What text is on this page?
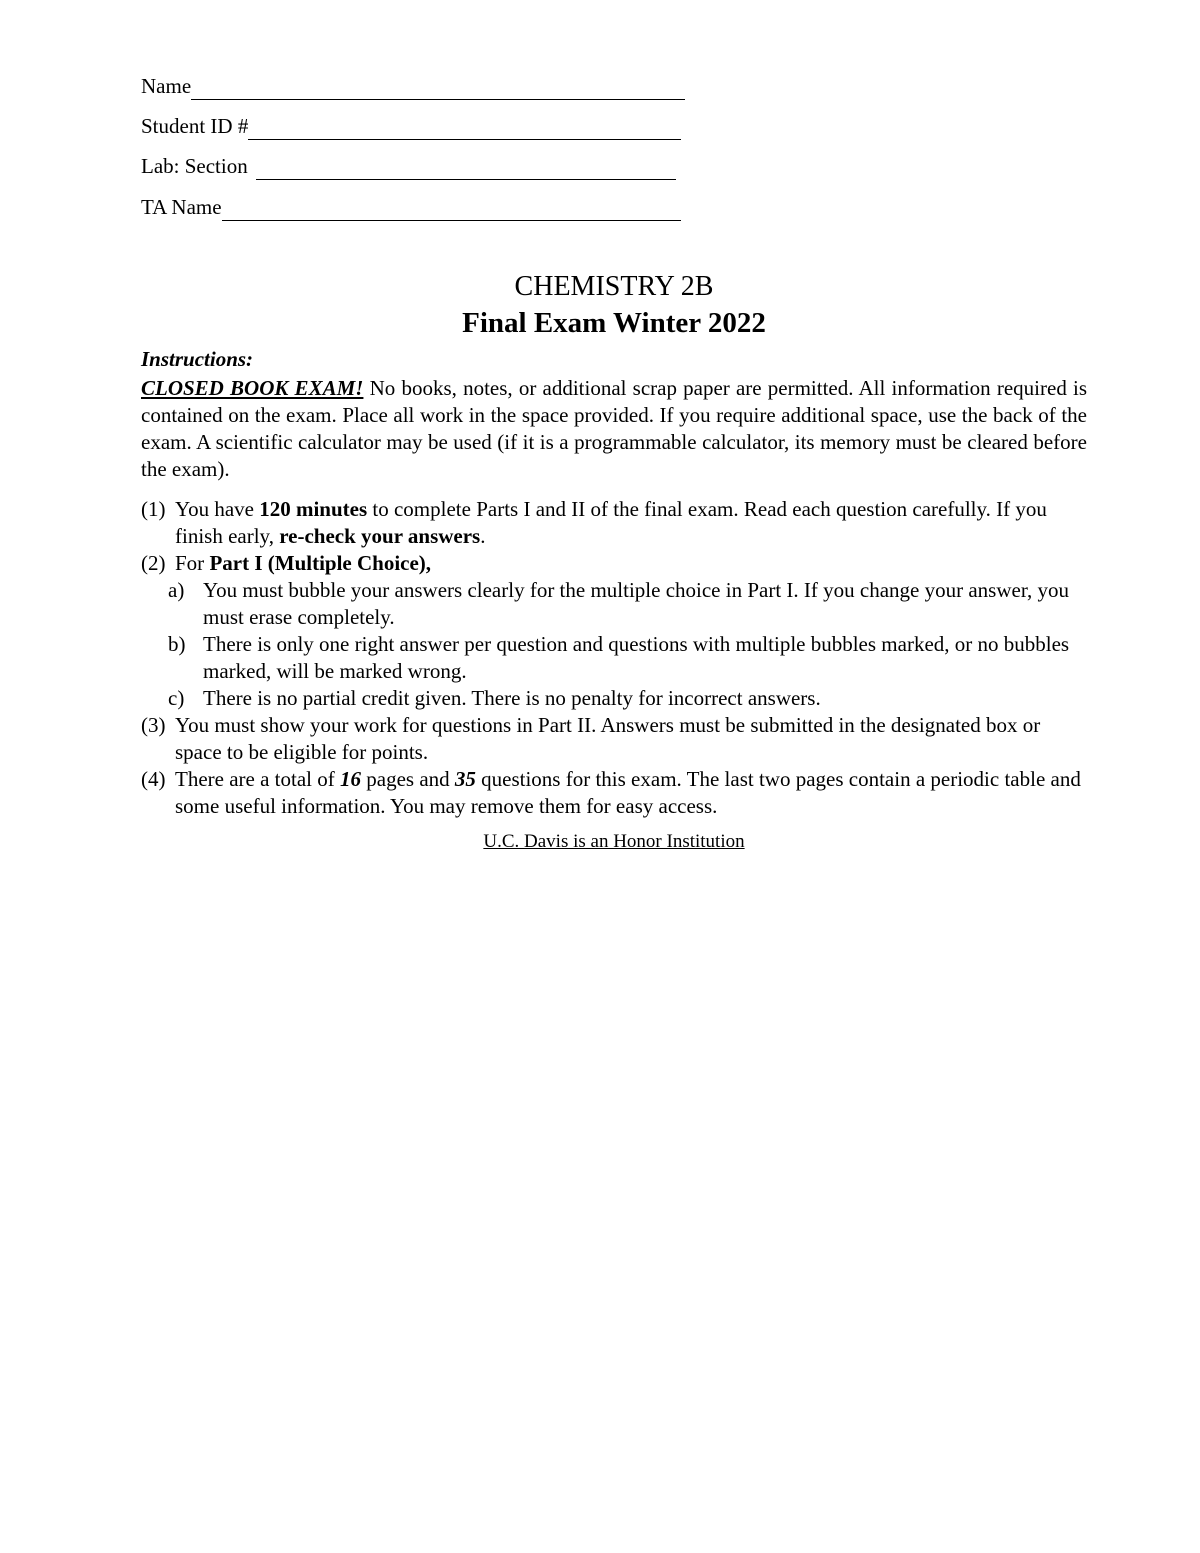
Name
Student ID #
Lab: Section
TA Name
CHEMISTRY 2B
Final Exam Winter 2022
Instructions:
CLOSED BOOK EXAM! No books, notes, or additional scrap paper are permitted. All information required is contained on the exam. Place all work in the space provided. If you require additional space, use the back of the exam. A scientific calculator may be used (if it is a programmable calculator, its memory must be cleared before the exam).
(1) You have 120 minutes to complete Parts I and II of the final exam. Read each question carefully. If you finish early, re-check your answers.
(2) For Part I (Multiple Choice),
a) You must bubble your answers clearly for the multiple choice in Part I. If you change your answer, you must erase completely.
b) There is only one right answer per question and questions with multiple bubbles marked, or no bubbles marked, will be marked wrong.
c) There is no partial credit given. There is no penalty for incorrect answers.
(3) You must show your work for questions in Part II. Answers must be submitted in the designated box or space to be eligible for points.
(4) There are a total of 16 pages and 35 questions for this exam. The last two pages contain a periodic table and some useful information. You may remove them for easy access.
U.C. Davis is an Honor Institution
